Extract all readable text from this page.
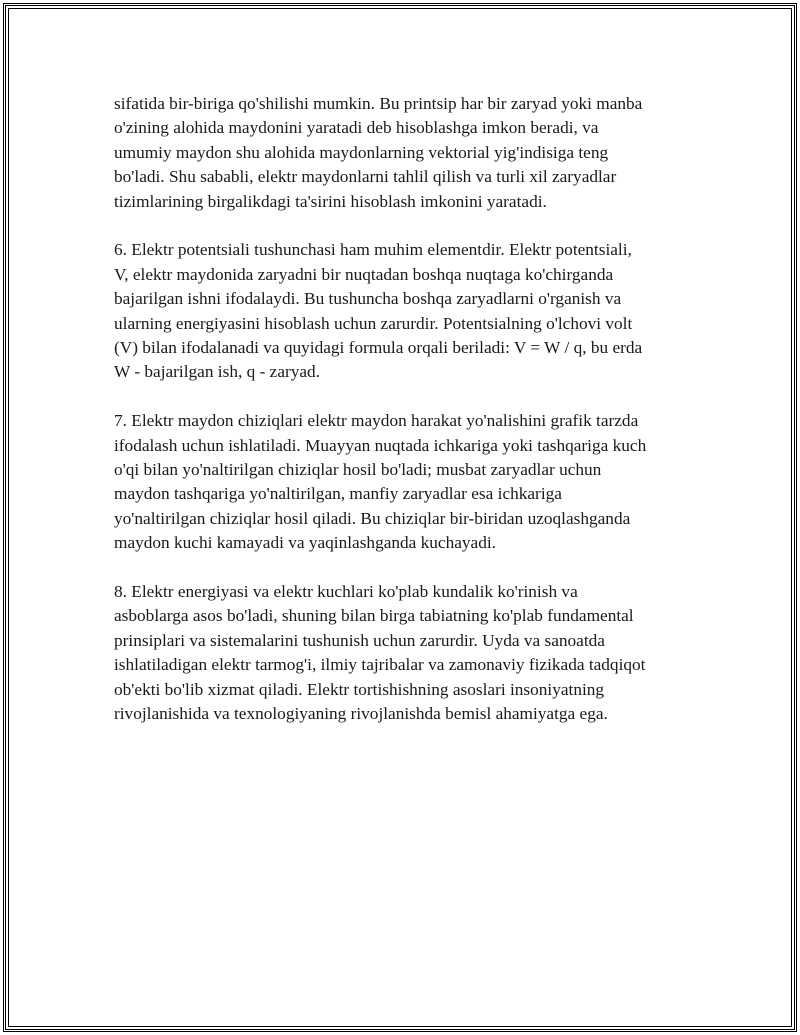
sifatida bir-biriga qo'shilishi mumkin. Bu printsip har bir zaryad yoki manba
o'zining alohida maydonini yaratadi deb hisoblashga imkon beradi, va
umumiy maydon shu alohida maydonlarning vektorial yig'indisiga teng
bo'ladi. Shu sababli, elektr maydonlarni tahlil qilish va turli xil zaryadlar
tizimlarining birgalikdagi ta'sirini hisoblash imkonini yaratadi.

6. Elektr potentsiali tushunchasi ham muhim elementdir. Elektr potentsiali,
V, elektr maydonida zaryadni bir nuqtadan boshqa nuqtaga ko'chirganda
bajarilgan ishni ifodalaydi. Bu tushuncha boshqa zaryadlarni o'rganish va
ularning energiyasini hisoblash uchun zarurdir. Potentsialning o'lchovi volt
(V) bilan ifodalanadi va quyidagi formula orqali beriladi: V = W / q, bu erda
W - bajarilgan ish, q - zaryad.

7. Elektr maydon chiziqlari elektr maydon harakat yo'nalishini grafik tarzda
ifodalash uchun ishlatiladi. Muayyan nuqtada ichkariga yoki tashqariga kuch
o'qi bilan yo'naltirilgan chiziqlar hosil bo'ladi; musbat zaryadlar uchun
maydon tashqariga yo'naltirilgan, manfiy zaryadlar esa ichkariga
yo'naltirilgan chiziqlar hosil qiladi. Bu chiziqlar bir-biridan uzoqlashganda
maydon kuchi kamayadi va yaqinlashganda kuchayadi.

8. Elektr energiyasi va elektr kuchlari ko'plab kundalik ko'rinish va
asboblarga asos bo'ladi, shuning bilan birga tabiatning ko'plab fundamental
prinsiplari va sistemalarini tushunish uchun zarurdir. Uyda va sanoatda
ishlatiladigan elektr tarmog'i, ilmiy tajribalar va zamonaviy fizikada tadqiqot
ob'ekti bo'lib xizmat qiladi. Elektr tortishishning asoslari insoniyatning
rivojlanishida va texnologiyaning rivojlanishda bemisl ahamiyatga ega.
